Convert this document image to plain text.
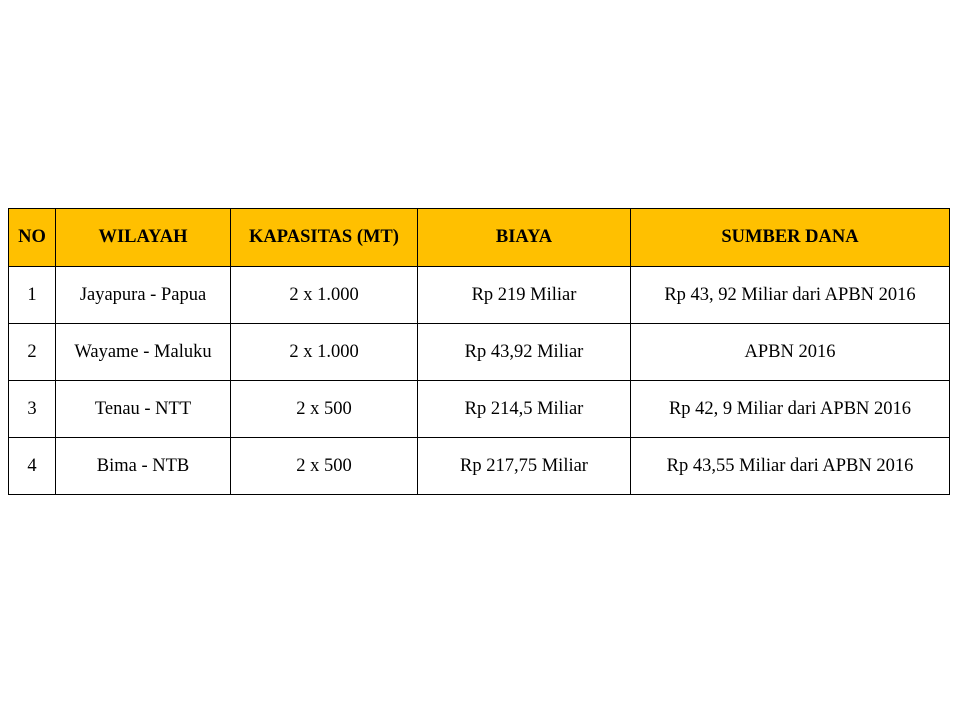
NO	WILAYAH	KAPASITAS (MT)	BIAYA	SUMBER DANA
1	Jayapura - Papua	2 x 1.000	Rp 219 Miliar	Rp 43, 92 Miliar dari APBN 2016
2	Wayame - Maluku	2 x 1.000	Rp 43,92 Miliar	APBN 2016
3	Tenau - NTT	2 x 500	Rp 214,5 Miliar	Rp 42, 9 Miliar dari APBN 2016
4	Bima - NTB	2 x 500	Rp 217,75 Miliar	Rp 43,55 Miliar dari APBN 2016
